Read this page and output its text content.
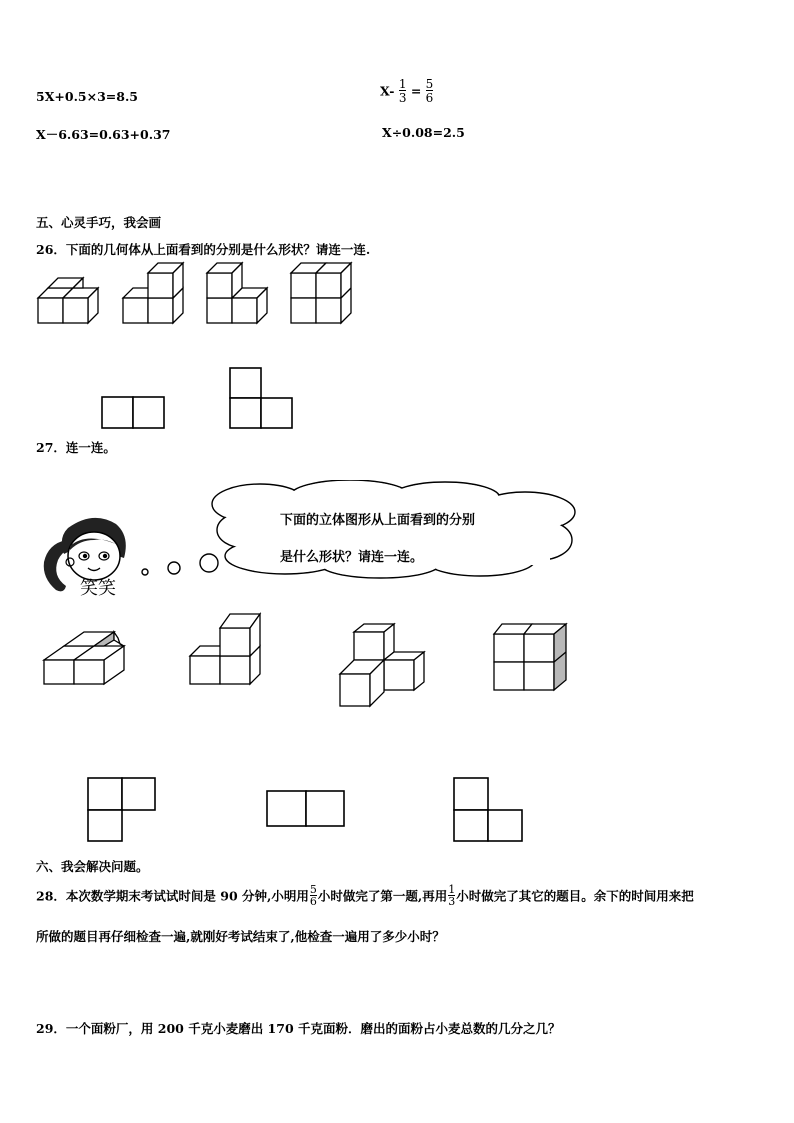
5X+0.5×3=8.5	$X- \frac{1}{3} = \frac{5}{6}$
X－6.63=0.63+0.37	X÷0.08=2.5
五、心灵手巧，我会画
26．下面的几何体从上面看到的分别是什么形状？请连一连.
27．连一连。
笑笑
下面的立体图形从上面看到的分别
是什么形状？请连一连。
六、我会解决问题。
28．本次数学期末考试试时间是 90 分钟,小明用 $\frac{5}{6}$ 小时做完了第一题,再用 $\frac{1}{3}$ 小时做完了其它的题目。余下的时间用来把
所做的题目再仔细检查一遍,就刚好考试结束了,他检查一遍用了多少小时？
29．一个面粉厂，用 200 千克小麦磨出 170 千克面粉．磨出的面粉占小麦总数的几分之几？
